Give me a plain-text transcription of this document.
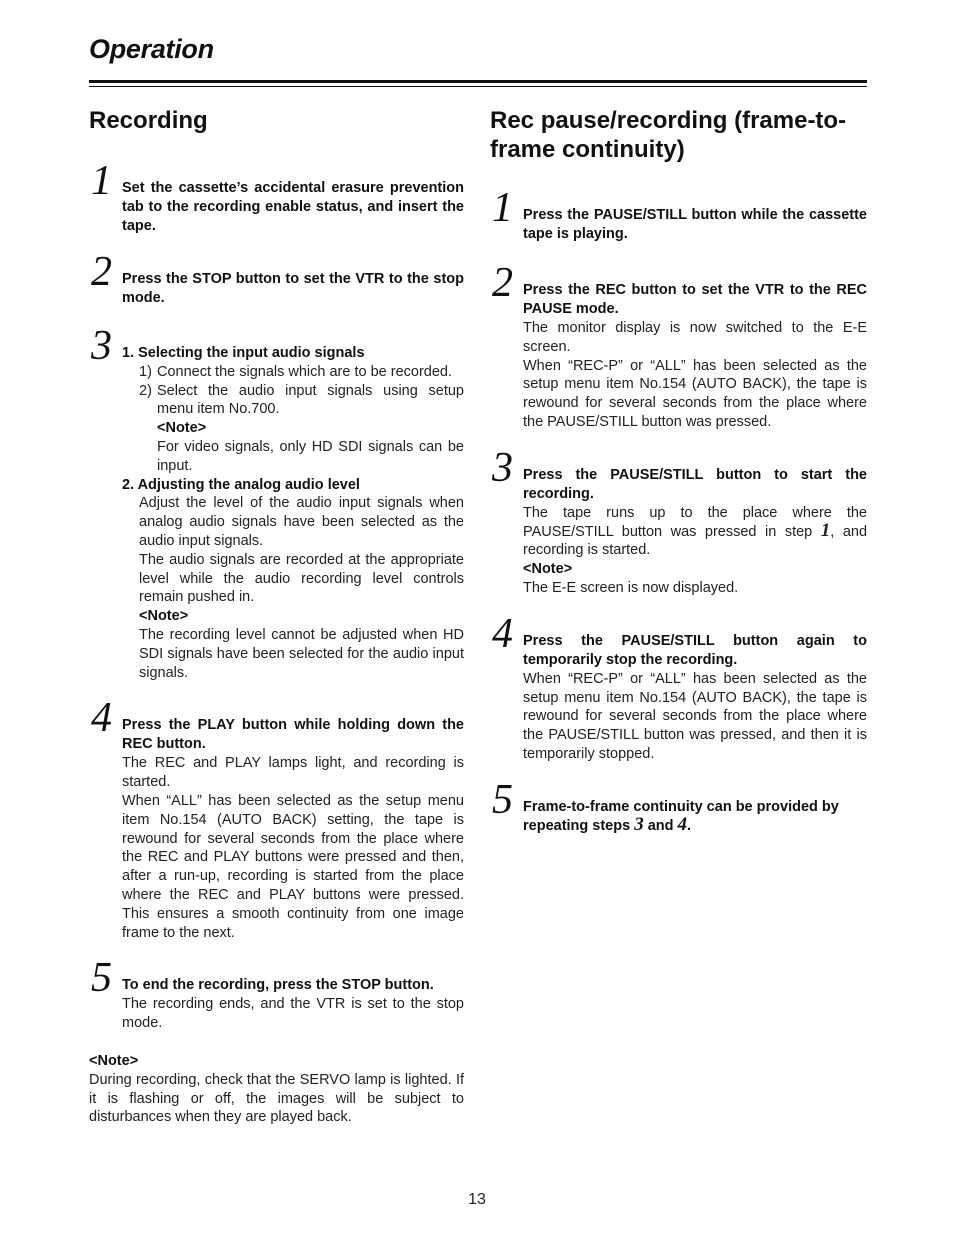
Operation
Recording
1 Set the cassette’s accidental erasure prevention tab to the recording enable status, and insert the tape.

2 Press the STOP button to set the VTR to the stop mode.

3 1. Selecting the input audio signals

1) Connect the signals which are to be recorded.

2) Select the audio input signals using setup menu item No.700.

<Note>

For video signals, only HD SDI signals can be input.

2. Adjusting the analog audio level

Adjust the level of the audio input signals when analog audio signals have been selected as the audio input signals.

The audio signals are recorded at the appropriate level while the audio recording level controls remain pushed in.

<Note>

The recording level cannot be adjusted when HD SDI signals have been selected for the audio input signals.

4 Press the PLAY button while holding down the REC button.

The REC and PLAY lamps light, and recording is started.

When “ALL” has been selected as the setup menu item No.154 (AUTO BACK) setting, the tape is rewound for several seconds from the place where the REC and PLAY buttons were pressed and then, after a run-up, recording is started from the place where the REC and PLAY buttons were pressed. This ensures a smooth continuity from one image frame to the next.

5 To end the recording, press the STOP button.

The recording ends, and the VTR is set to the stop mode.

<Note>

During recording, check that the SERVO lamp is lighted. If it is flashing or off, the images will be subject to disturbances when they are played back.

Rec pause/recording (frame-to-frame continuity)
1 Press the PAUSE/STILL button while the cassette tape is playing.

2 Press the REC button to set the VTR to the REC PAUSE mode.

The monitor display is now switched to the E-E screen.

When “REC-P” or “ALL” has been selected as the setup menu item No.154 (AUTO BACK), the tape is rewound for several seconds from the place where the PAUSE/STILL button was pressed.

3 Press the PAUSE/STILL button to start the recording.

The tape runs up to the place where the PAUSE/STILL button was pressed in step 1, and recording is started.

<Note>

The E-E screen is now displayed.

4 Press the PAUSE/STILL button again to temporarily stop the recording.

When “REC-P” or “ALL” has been selected as the setup menu item No.154 (AUTO BACK), the tape is rewound for several seconds from the place where the PAUSE/STILL button was pressed, and then it is temporarily stopped.

5 Frame-to-frame continuity can be provided by repeating steps 3 and 4.

13
